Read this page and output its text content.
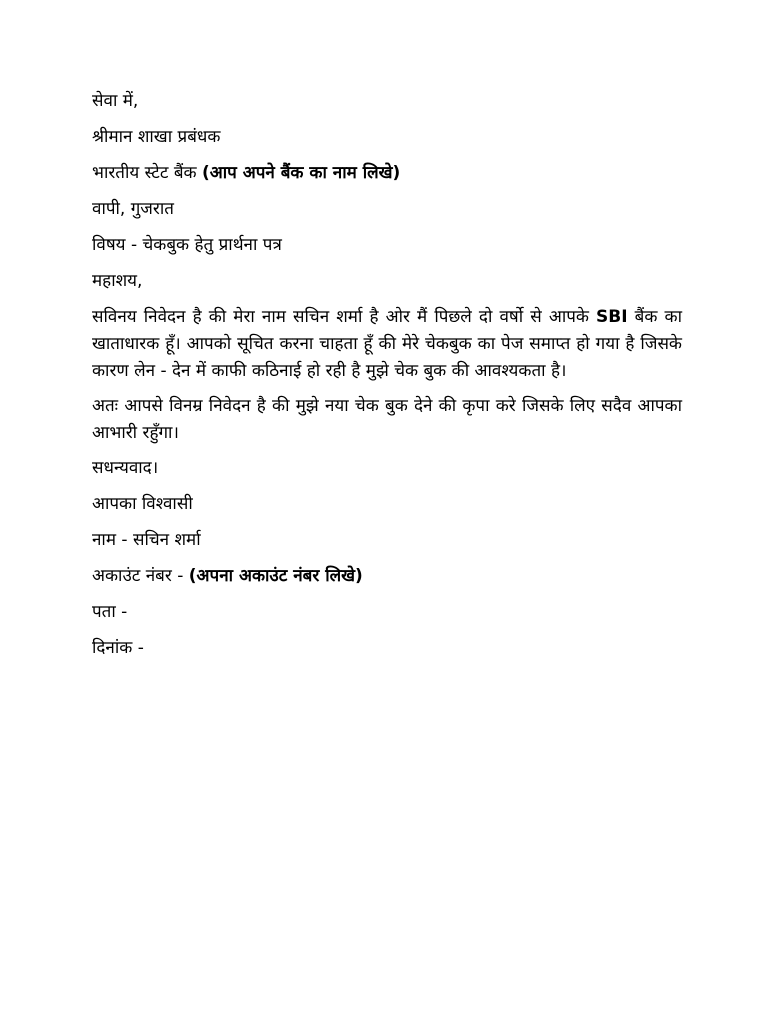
सेवा में,

श्रीमान शाखा प्रबंधक

भारतीय स्टेट बैंक (आप अपने बैंक का नाम लिखे)

वापी, गुजरात

विषय - चेकबुक हेतु प्रार्थना पत्र

महाशय,

सविनय निवेदन है की मेरा नाम सचिन शर्मा है ओर मैं पिछले दो वर्षो से आपके SBI बैंक का खाताधारक हूँ। आपको सूचित करना चाहता हूँ की मेरे चेकबुक का पेज समाप्त हो गया है जिसके कारण लेन - देन में काफी कठिनाई हो रही है मुझे चेक बुक की आवश्यकता है।

अतः आपसे विनम्र निवेदन है की मुझे नया चेक बुक देने की कृपा करे जिसके लिए सदैव आपका आभारी रहुँगा।

सधन्यवाद।

आपका विश्वासी

नाम - सचिन शर्मा

अकाउंट नंबर - (अपना अकाउंट नंबर लिखे)

पता -

दिनांक -
